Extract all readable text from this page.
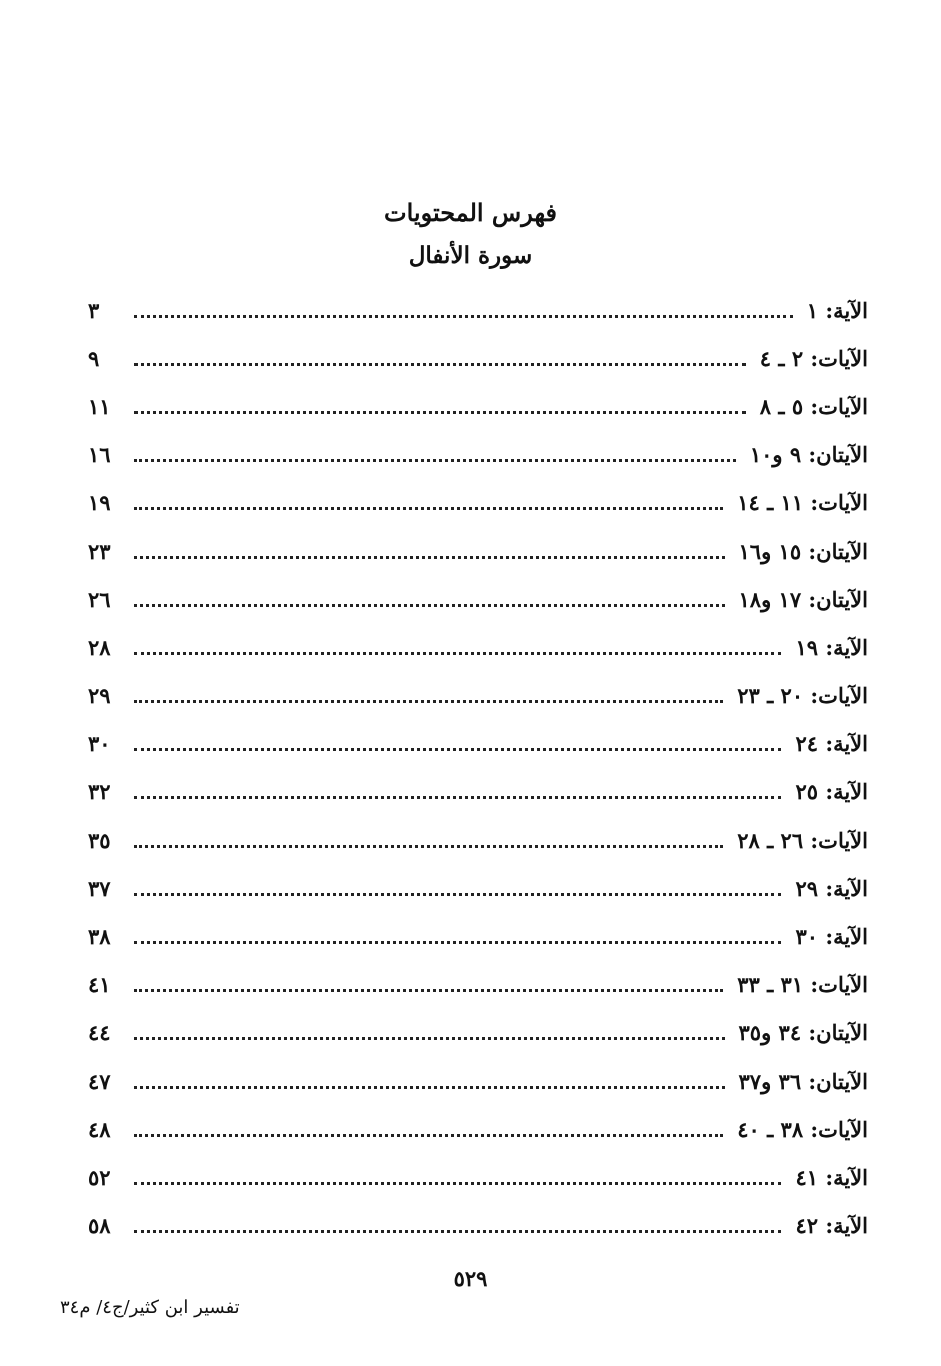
فهرس المحتويات
سورة الأنفال
الآية: ١
٣
الآيات: ٢ ـ ٤
٩
الآيات: ٥ ـ ٨
١١
الآيتان: ٩ و١٠
١٦
الآيات: ١١ ـ ١٤
١٩
الآيتان: ١٥ و١٦
٢٣
الآيتان: ١٧ و١٨
٢٦
الآية: ١٩
٢٨
الآيات: ٢٠ ـ ٢٣
٢٩
الآية: ٢٤
٣٠
الآية: ٢٥
٣٢
الآيات: ٢٦ ـ ٢٨
٣٥
الآية: ٢٩
٣٧
الآية: ٣٠
٣٨
الآيات: ٣١ ـ ٣٣
٤١
الآيتان: ٣٤ و٣٥
٤٤
الآيتان: ٣٦ و٣٧
٤٧
الآيات: ٣٨ ـ ٤٠
٤٨
الآية: ٤١
٥٢
الآية: ٤٢
٥٨
٥٢٩
تفسير ابن كثير/ج٤/ م٣٤
